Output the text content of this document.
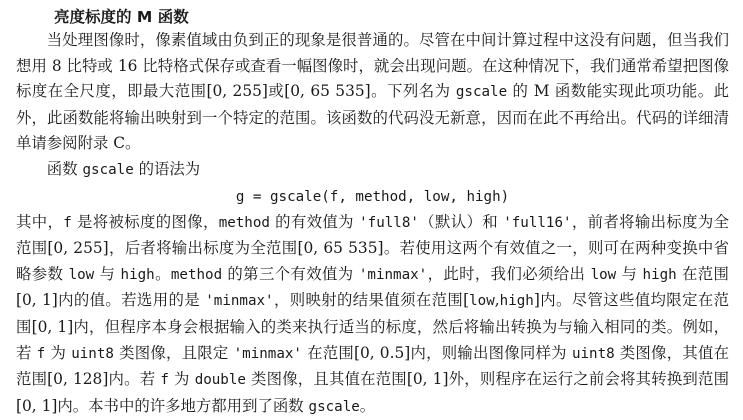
亮度标度的 M 函数

当处理图像时，像素值域由负到正的现象是很普通的。尽管在中间计算过程中这没有问题，但当我们想用 8 比特或 16 比特格式保存或查看一幅图像时，就会出现问题。在这种情况下，我们通常希望把图像标度在全尺度，即最大范围[0, 255]或[0, 65 535]。下列名为 gscale 的 M 函数能实现此项功能。此外，此函数能将输出映射到一个特定的范围。该函数的代码没无新意，因而在此不再给出。代码的详细清单请参阅附录 C。

函数 gscale 的语法为

g = gscale(f, method, low, high)

其中，f 是将被标度的图像，method 的有效值为 'full8'（默认）和 'full16'，前者将输出标度为全范围[0, 255]，后者将输出标度为全范围[0, 65 535]。若使用这两个有效值之一，则可在两种变换中省略参数 low 与 high。method 的第三个有效值为 'minmax'，此时，我们必须给出 low 与 high 在范围[0, 1]内的值。若选用的是 'minmax'，则映射的结果值须在范围[low,high]内。尽管这些值均限定在范围[0, 1]内，但程序本身会根据输入的类来执行适当的标度，然后将输出转换为与输入相同的类。例如，若 f 为 uint8 类图像，且限定 'minmax' 在范围[0, 0.5]内，则输出图像同样为 uint8 类图像，其值在范围[0, 128]内。若 f 为 double 类图像，且其值在范围[0, 1]外，则程序在运行之前会将其转换到范围[0, 1]内。本书中的许多地方都用到了函数 gscale。
